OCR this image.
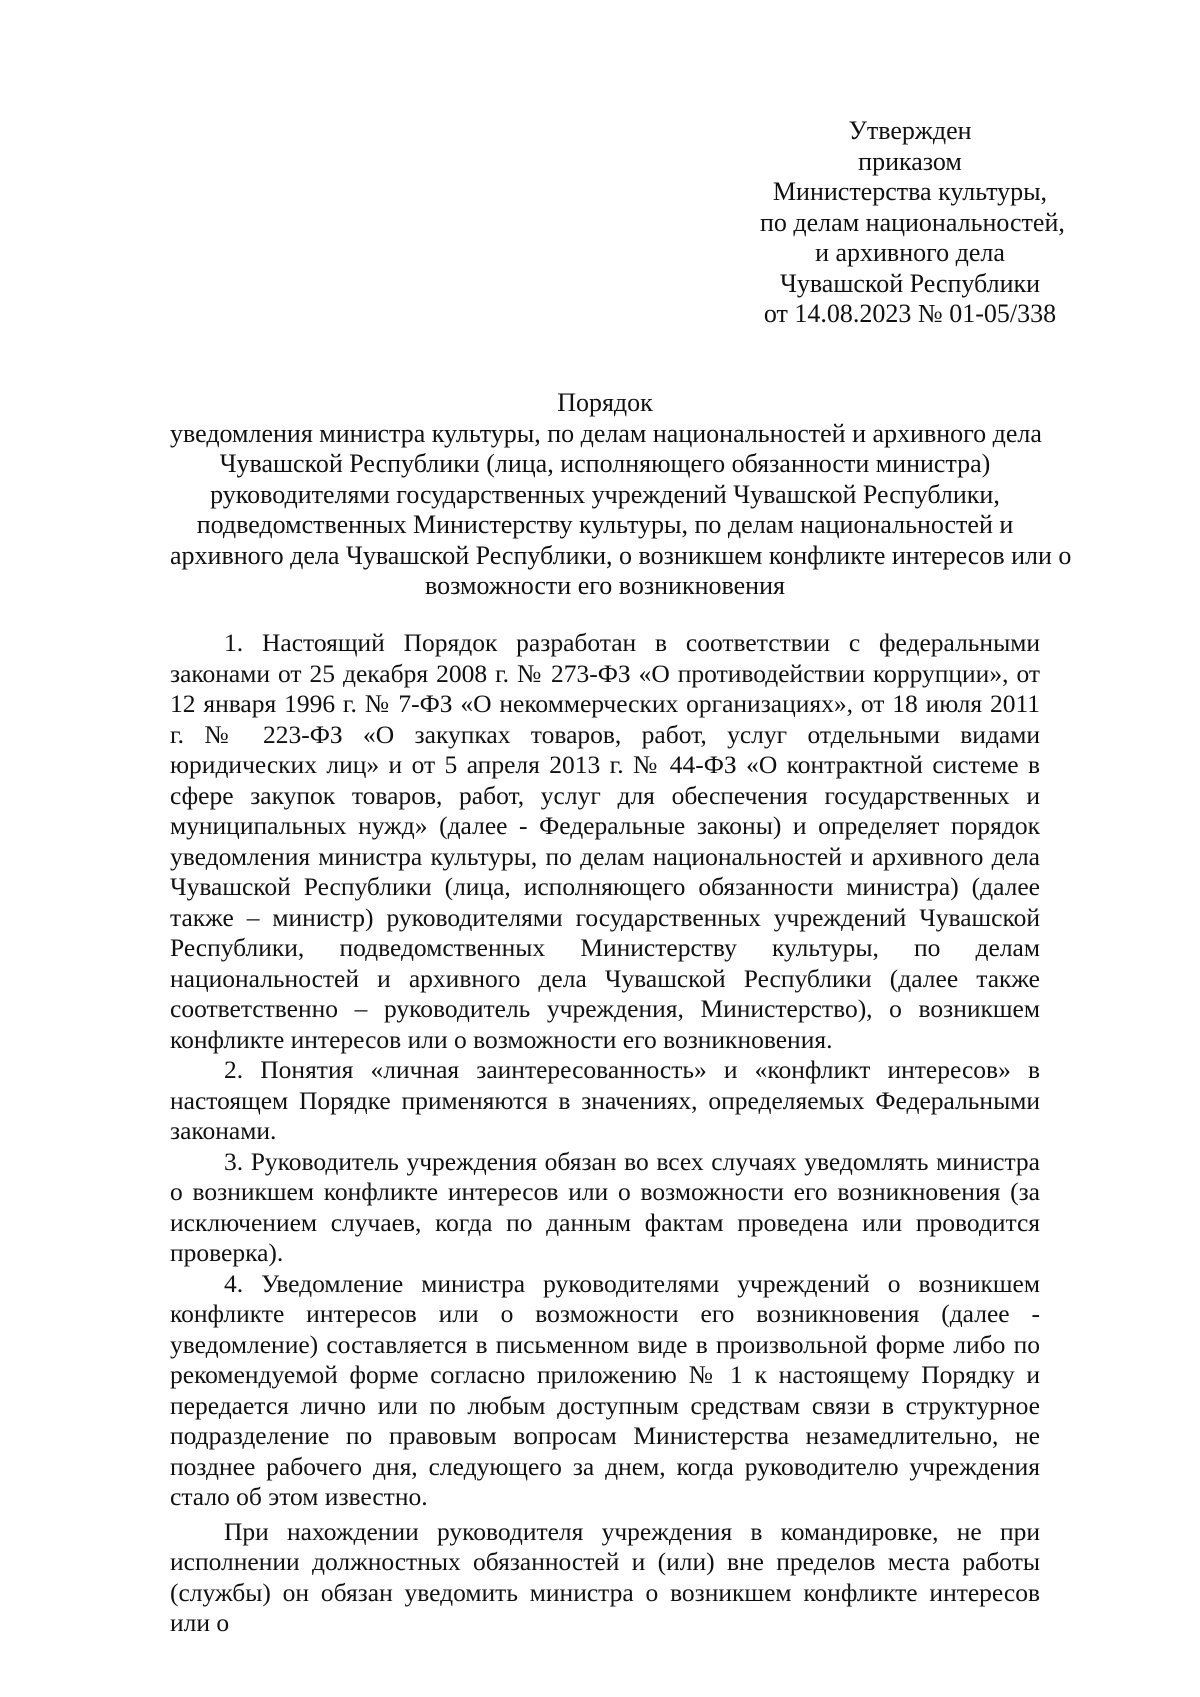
Утвержден
приказом
Министерства культуры,
по делам национальностей,
и архивного дела
Чувашской Республики
от 14.08.2023 № 01-05/338
Порядок
уведомления министра культуры, по делам национальностей и архивного дела
Чувашской Республики (лица, исполняющего обязанности министра)
руководителями государственных учреждений Чувашской Республики,
подведомственных Министерству культуры, по делам национальностей и
архивного дела Чувашской Республики, о возникшем конфликте интересов или о
возможности его возникновения

1. Настоящий Порядок разработан в соответствии с федеральными законами от 25 декабря 2008 г. № 273-ФЗ «О противодействии коррупции», от 12 января 1996 г. № 7-ФЗ «О некоммерческих организациях», от 18 июля 2011 г. № 223-ФЗ «О закупках товаров, работ, услуг отдельными видами юридических лиц» и от 5 апреля 2013 г. № 44-ФЗ «О контрактной системе в сфере закупок товаров, работ, услуг для обеспечения государственных и муниципальных нужд» (далее - Федеральные законы) и определяет порядок уведомления министра культуры, по делам национальностей и архивного дела Чувашской Республики (лица, исполняющего обязанности министра) (далее также – министр) руководителями государственных учреждений Чувашской Республики, подведомственных Министерству культуры, по делам национальностей и архивного дела Чувашской Республики (далее также соответственно – руководитель учреждения, Министерство), о возникшем конфликте интересов или о возможности его возникновения.

2. Понятия «личная заинтересованность» и «конфликт интересов» в настоящем Порядке применяются в значениях, определяемых Федеральными законами.

3. Руководитель учреждения обязан во всех случаях уведомлять министра о возникшем конфликте интересов или о возможности его возникновения (за исключением случаев, когда по данным фактам проведена или проводится проверка).

4. Уведомление министра руководителями учреждений о возникшем конфликте интересов или о возможности его возникновения (далее - уведомление) составляется в письменном виде в произвольной форме либо по рекомендуемой форме согласно приложению № 1 к настоящему Порядку и передается лично или по любым доступным средствам связи в структурное подразделение по правовым вопросам Министерства незамедлительно, не позднее рабочего дня, следующего за днем, когда руководителю учреждения стало об этом известно.

При нахождении руководителя учреждения в командировке, не при исполнении должностных обязанностей и (или) вне пределов места работы (службы) он обязан уведомить министра о возникшем конфликте интересов или о
